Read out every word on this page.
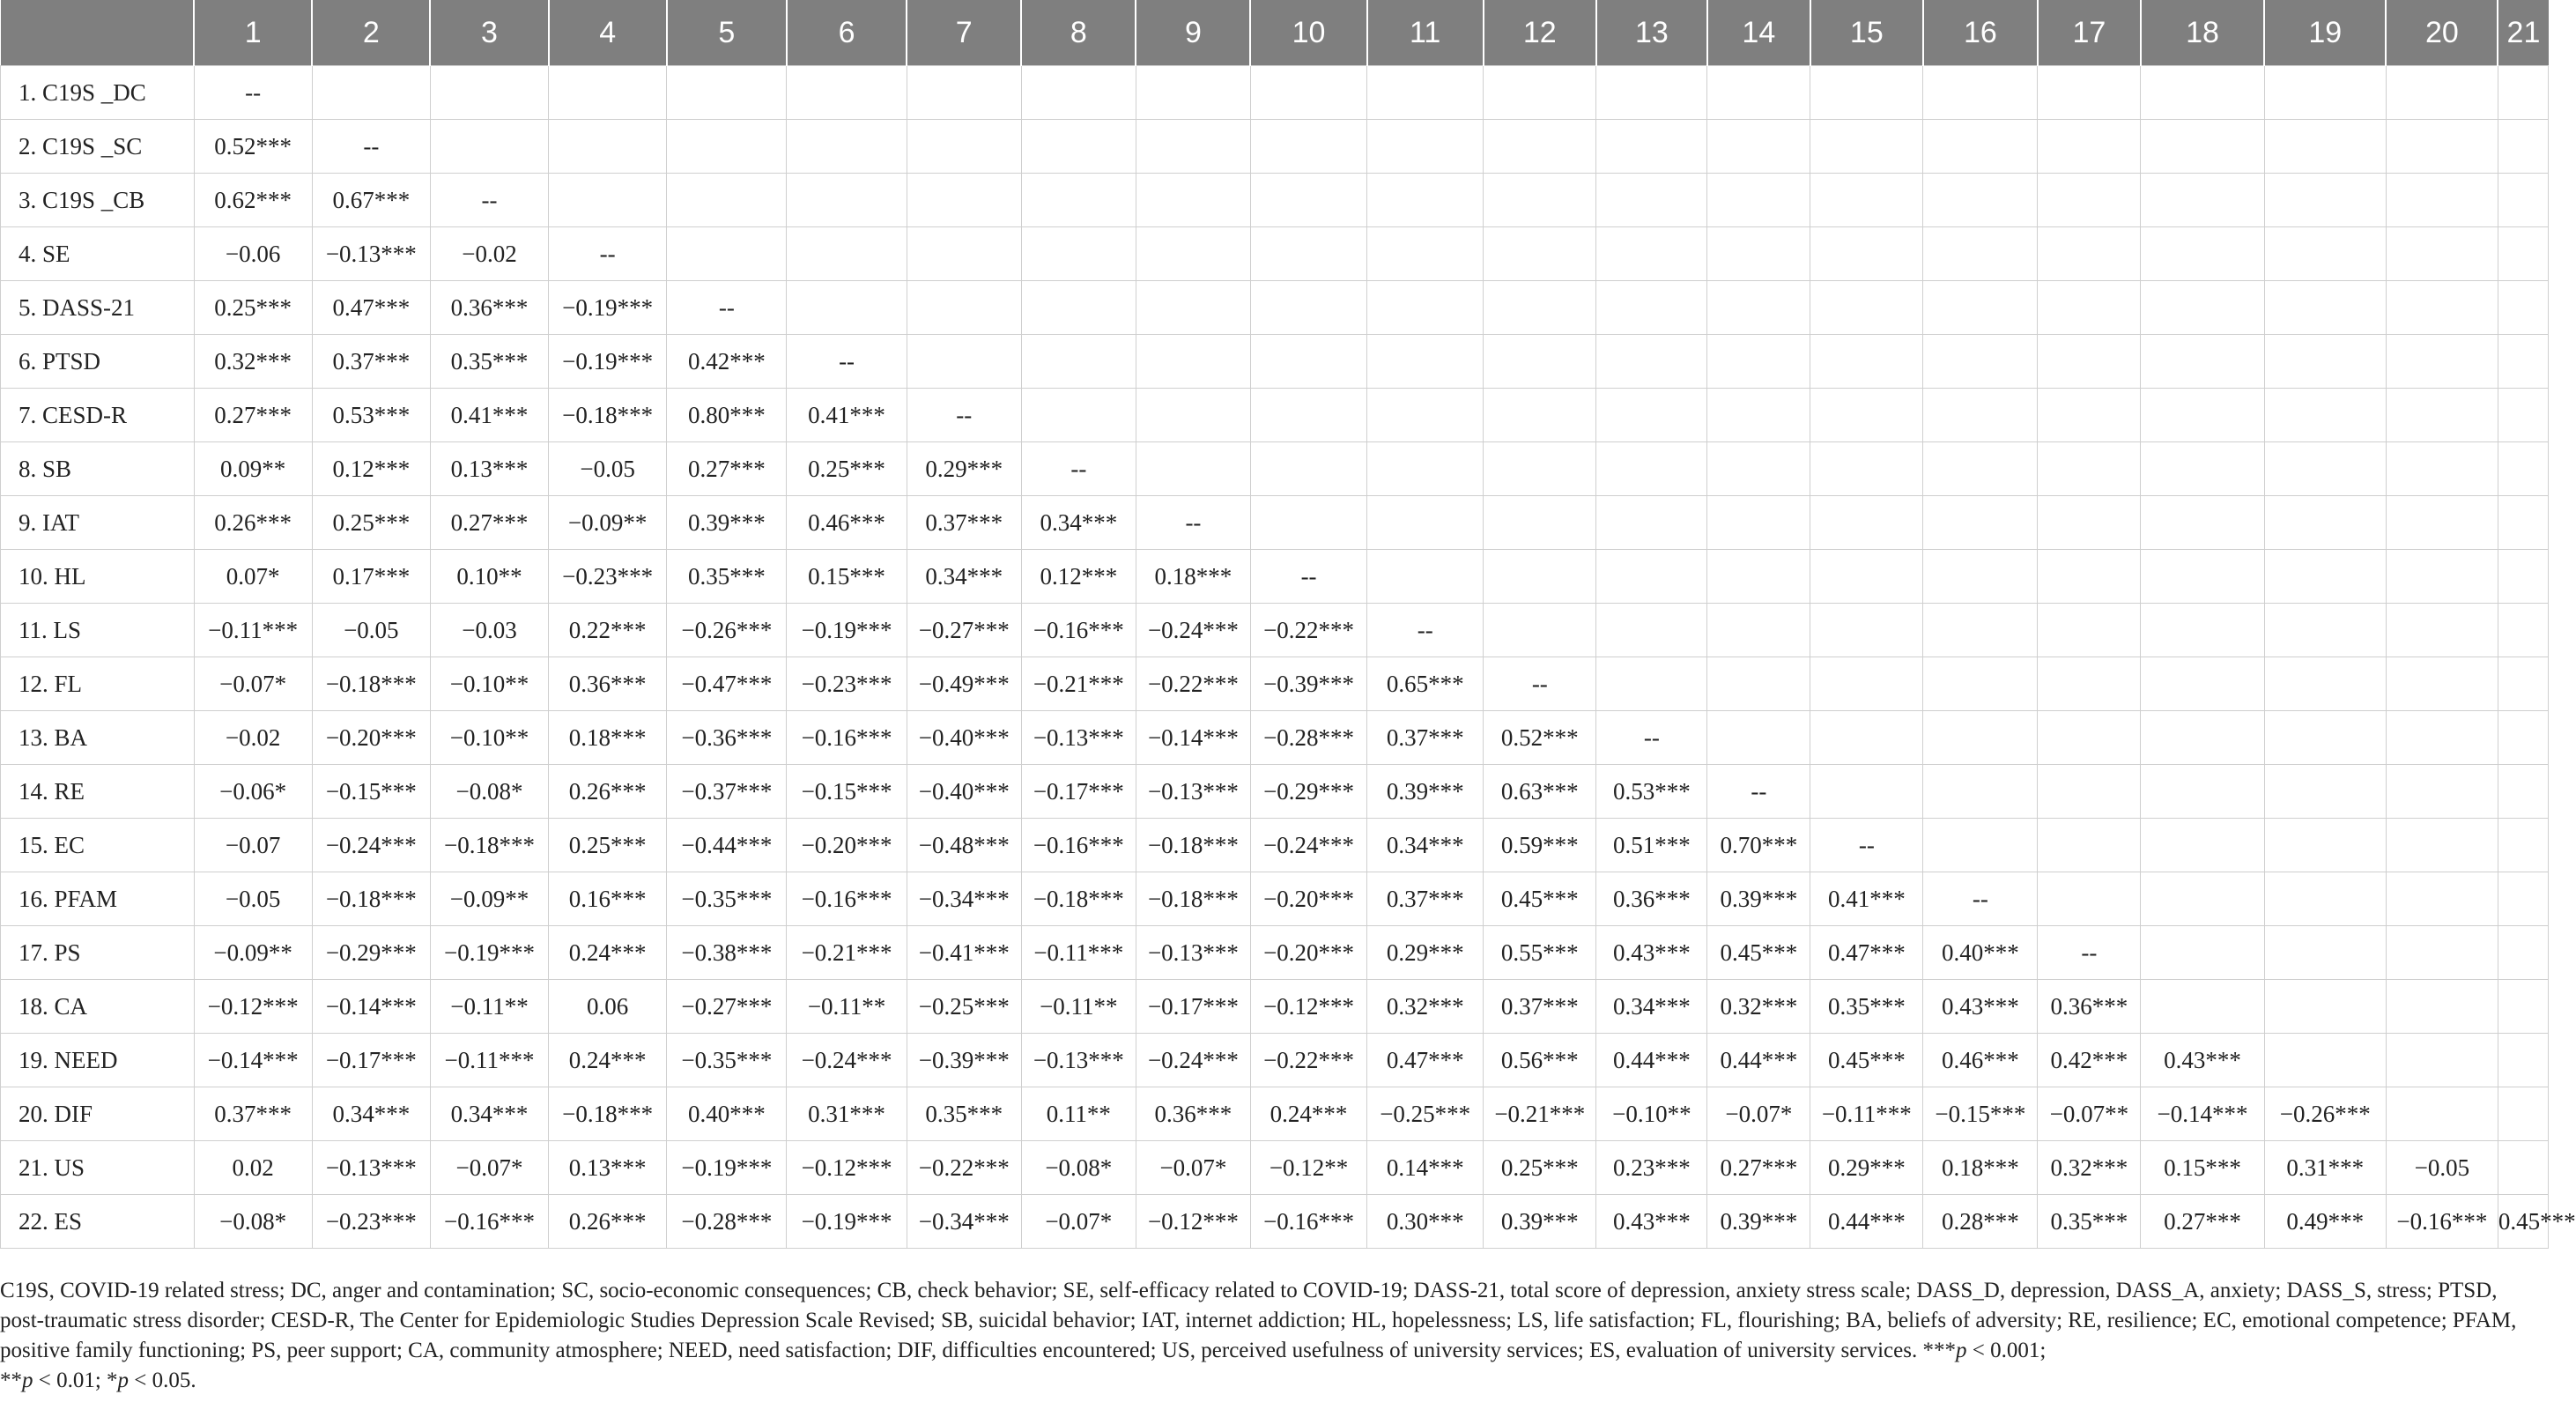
	1	2	3	4	5	6	7	8	9	10	11	12	13	14	15	16	17	18	19	20	21
1. C19S _DC	--																				
2. C19S _SC	0.52***	--																			
3. C19S _CB	0.62***	0.67***	--																		
4. SE	−0.06	−0.13***	−0.02	--																	
5. DASS-21	0.25***	0.47***	0.36***	−0.19***	--																
6. PTSD	0.32***	0.37***	0.35***	−0.19***	0.42***	--															
7. CESD-R	0.27***	0.53***	0.41***	−0.18***	0.80***	0.41***	--														
8. SB	0.09**	0.12***	0.13***	−0.05	0.27***	0.25***	0.29***	--													
9. IAT	0.26***	0.25***	0.27***	−0.09**	0.39***	0.46***	0.37***	0.34***	--												
10. HL	0.07*	0.17***	0.10**	−0.23***	0.35***	0.15***	0.34***	0.12***	0.18***	--											
11. LS	−0.11***	−0.05	−0.03	0.22***	−0.26***	−0.19***	−0.27***	−0.16***	−0.24***	−0.22***	--										
12. FL	−0.07*	−0.18***	−0.10**	0.36***	−0.47***	−0.23***	−0.49***	−0.21***	−0.22***	−0.39***	0.65***	--									
13. BA	−0.02	−0.20***	−0.10**	0.18***	−0.36***	−0.16***	−0.40***	−0.13***	−0.14***	−0.28***	0.37***	0.52***	--								
14. RE	−0.06*	−0.15***	−0.08*	0.26***	−0.37***	−0.15***	−0.40***	−0.17***	−0.13***	−0.29***	0.39***	0.63***	0.53***	--							
15. EC	−0.07	−0.24***	−0.18***	0.25***	−0.44***	−0.20***	−0.48***	−0.16***	−0.18***	−0.24***	0.34***	0.59***	0.51***	0.70***	--						
16. PFAM	−0.05	−0.18***	−0.09**	0.16***	−0.35***	−0.16***	−0.34***	−0.18***	−0.18***	−0.20***	0.37***	0.45***	0.36***	0.39***	0.41***	--					
17. PS	−0.09**	−0.29***	−0.19***	0.24***	−0.38***	−0.21***	−0.41***	−0.11***	−0.13***	−0.20***	0.29***	0.55***	0.43***	0.45***	0.47***	0.40***	--				
18. CA	−0.12***	−0.14***	−0.11**	0.06	−0.27***	−0.11**	−0.25***	−0.11**	−0.17***	−0.12***	0.32***	0.37***	0.34***	0.32***	0.35***	0.43***	0.36***				
19. NEED	−0.14***	−0.17***	−0.11***	0.24***	−0.35***	−0.24***	−0.39***	−0.13***	−0.24***	−0.22***	0.47***	0.56***	0.44***	0.44***	0.45***	0.46***	0.42***	0.43***			
20. DIF	0.37***	0.34***	0.34***	−0.18***	0.40***	0.31***	0.35***	0.11**	0.36***	0.24***	−0.25***	−0.21***	−0.10**	−0.07*	−0.11***	−0.15***	−0.07**	−0.14***	−0.26***		
21. US	0.02	−0.13***	−0.07*	0.13***	−0.19***	−0.12***	−0.22***	−0.08*	−0.07*	−0.12**	0.14***	0.25***	0.23***	0.27***	0.29***	0.18***	0.32***	0.15***	0.31***	−0.05	
22. ES	−0.08*	−0.23***	−0.16***	0.26***	−0.28***	−0.19***	−0.34***	−0.07*	−0.12***	−0.16***	0.30***	0.39***	0.43***	0.39***	0.44***	0.28***	0.35***	0.27***	0.49***	−0.16***	0.45***
C19S, COVID-19 related stress; DC, anger and contamination; SC, socio-economic consequences; CB, check behavior; SE, self-efficacy related to COVID-19; DASS-21, total score of depression, anxiety stress scale; DASS_D, depression, DASS_A, anxiety; DASS_S, stress; PTSD, post-traumatic stress disorder; CESD-R, The Center for Epidemiologic Studies Depression Scale Revised; SB, suicidal behavior; IAT, internet addiction; HL, hopelessness; LS, life satisfaction; FL, flourishing; BA, beliefs of adversity; RE, resilience; EC, emotional competence; PFAM, positive family functioning; PS, peer support; CA, community atmosphere; NEED, need satisfaction; DIF, difficulties encountered; US, perceived usefulness of university services; ES, evaluation of university services. ***p < 0.001;
**p < 0.01; *p < 0.05.
